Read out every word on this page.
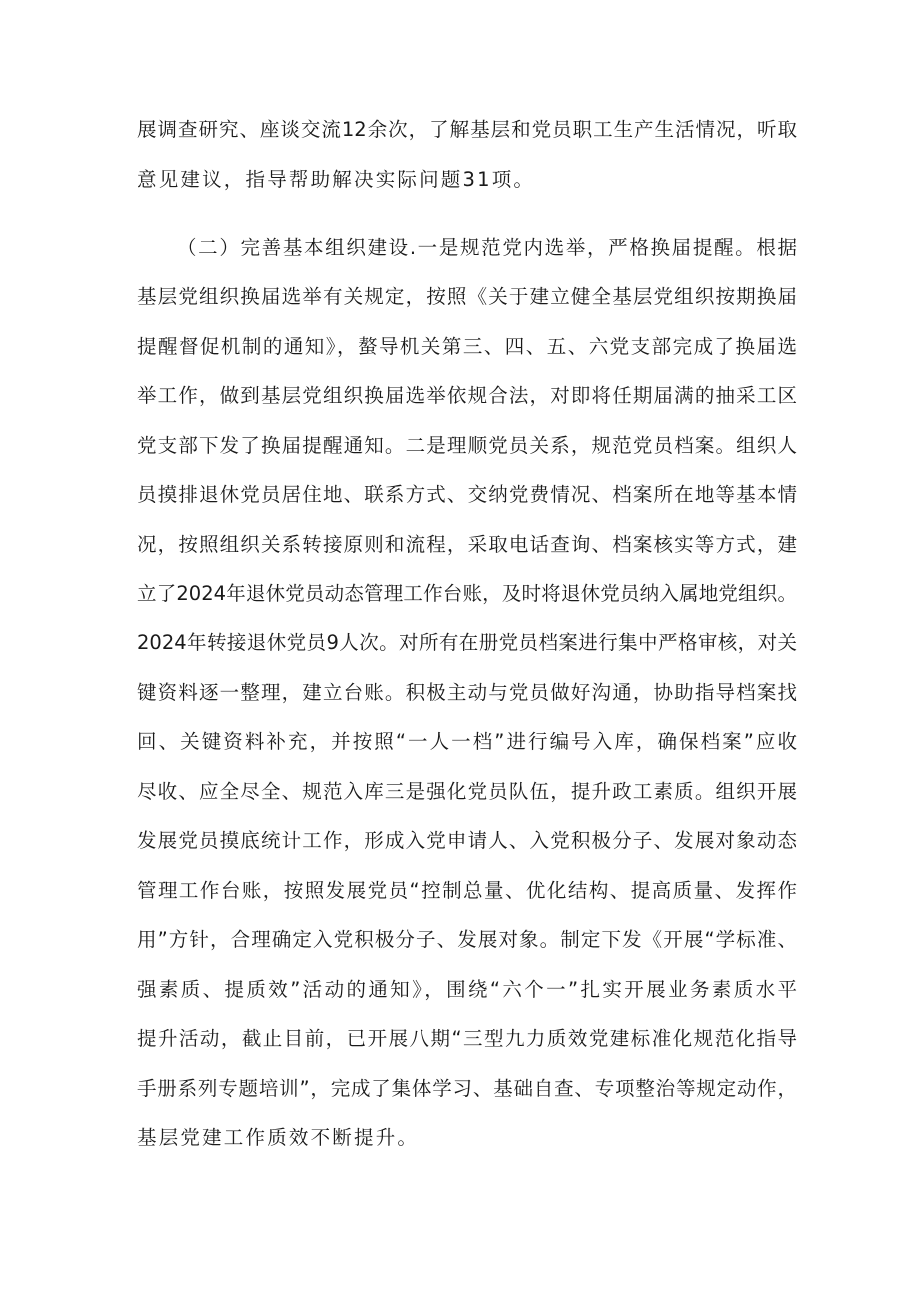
展调查研究、座谈交流12余次，了解基层和党员职工生产生活情况，听取
意见建议，指导帮助解决实际问题31项。
（二）完善基本组织建设.一是规范党内选举，严格换届提醒。根据
基层党组织换届选举有关规定，按照《关于建立健全基层党组织按期换届
提醒督促机制的通知》，螯导机关第三、四、五、六党支部完成了换届选
举工作，做到基层党组织换届选举依规合法，对即将任期届满的抽采工区
党支部下发了换届提醒通知。二是理顺党员关系，规范党员档案。组织人
员摸排退休党员居住地、联系方式、交纳党费情况、档案所在地等基本情
况，按照组织关系转接原则和流程，采取电话查询、档案核实等方式，建
立了2024年退休党员动态管理工作台账，及时将退休党员纳入属地党组织。
2024年转接退休党员9人次。对所有在册党员档案进行集中严格审核，对关
键资料逐一整理，建立台账。积极主动与党员做好沟通，协助指导档案找
回、关键资料补充，并按照“一人一档”进行编号入库，确保档案”应收
尽收、应全尽全、规范入库三是强化党员队伍，提升政工素质。组织开展
发展党员摸底统计工作，形成入党申请人、入党积极分子、发展对象动态
管理工作台账，按照发展党员“控制总量、优化结构、提高质量、发挥作
用”方针，合理确定入党积极分子、发展对象。制定下发《开展“学标准、
强素质、提质效”活动的通知》，围绕“六个一”扎实开展业务素质水平
提升活动，截止目前，已开展八期“三型九力质效党建标准化规范化指导
手册系列专题培训”，完成了集体学习、基础自查、专项整治等规定动作，
基层党建工作质效不断提升。
